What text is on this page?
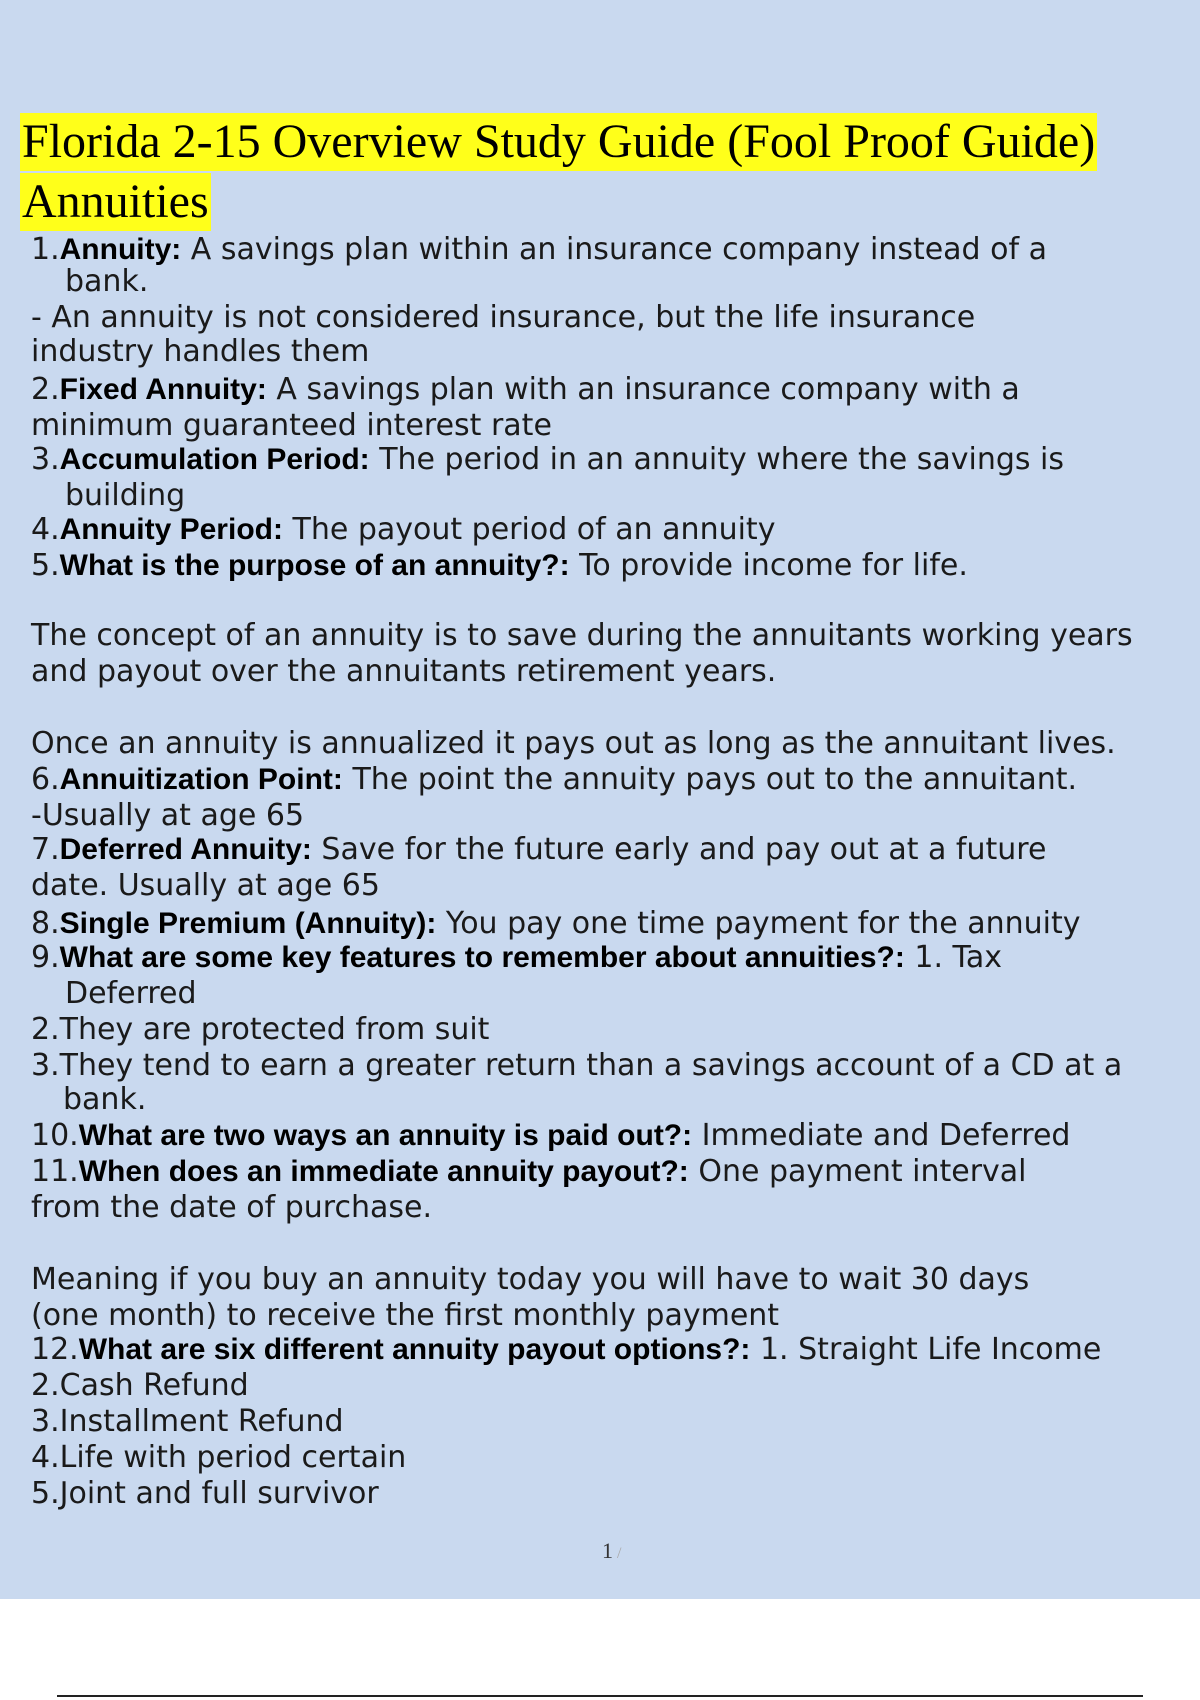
Florida 2-15 Overview Study Guide (Fool Proof Guide)
Annuities
1.Annuity: A savings plan within an insurance company instead of a
bank.
- An annuity is not considered insurance, but the life insurance
industry handles them
2.Fixed Annuity: A savings plan with an insurance company with a
minimum guaranteed interest rate
3.Accumulation Period: The period in an annuity where the savings is
building
4.Annuity Period: The payout period of an annuity
5.What is the purpose of an annuity?: To provide income for life.
The concept of an annuity is to save during the annuitants working years
and payout over the annuitants retirement years.
Once an annuity is annualized it pays out as long as the annuitant lives.
6.Annuitization Point: The point the annuity pays out to the annuitant.
-Usually at age 65
7.Deferred Annuity: Save for the future early and pay out at a future
date. Usually at age 65
8.Single Premium (Annuity): You pay one time payment for the annuity
9.What are some key features to remember about annuities?: 1. Tax
Deferred
2.They are protected from suit
3.They tend to earn a greater return than a savings account of a CD at a
bank.
10.What are two ways an annuity is paid out?: Immediate and Deferred
11.When does an immediate annuity payout?: One payment interval
from the date of purchase.
Meaning if you buy an annuity today you will have to wait 30 days
(one month) to receive the first monthly payment
12.What are six different annuity payout options?: 1. Straight Life Income
2.Cash Refund
3.Installment Refund
4.Life with period certain
5.Joint and full survivor
1 /
